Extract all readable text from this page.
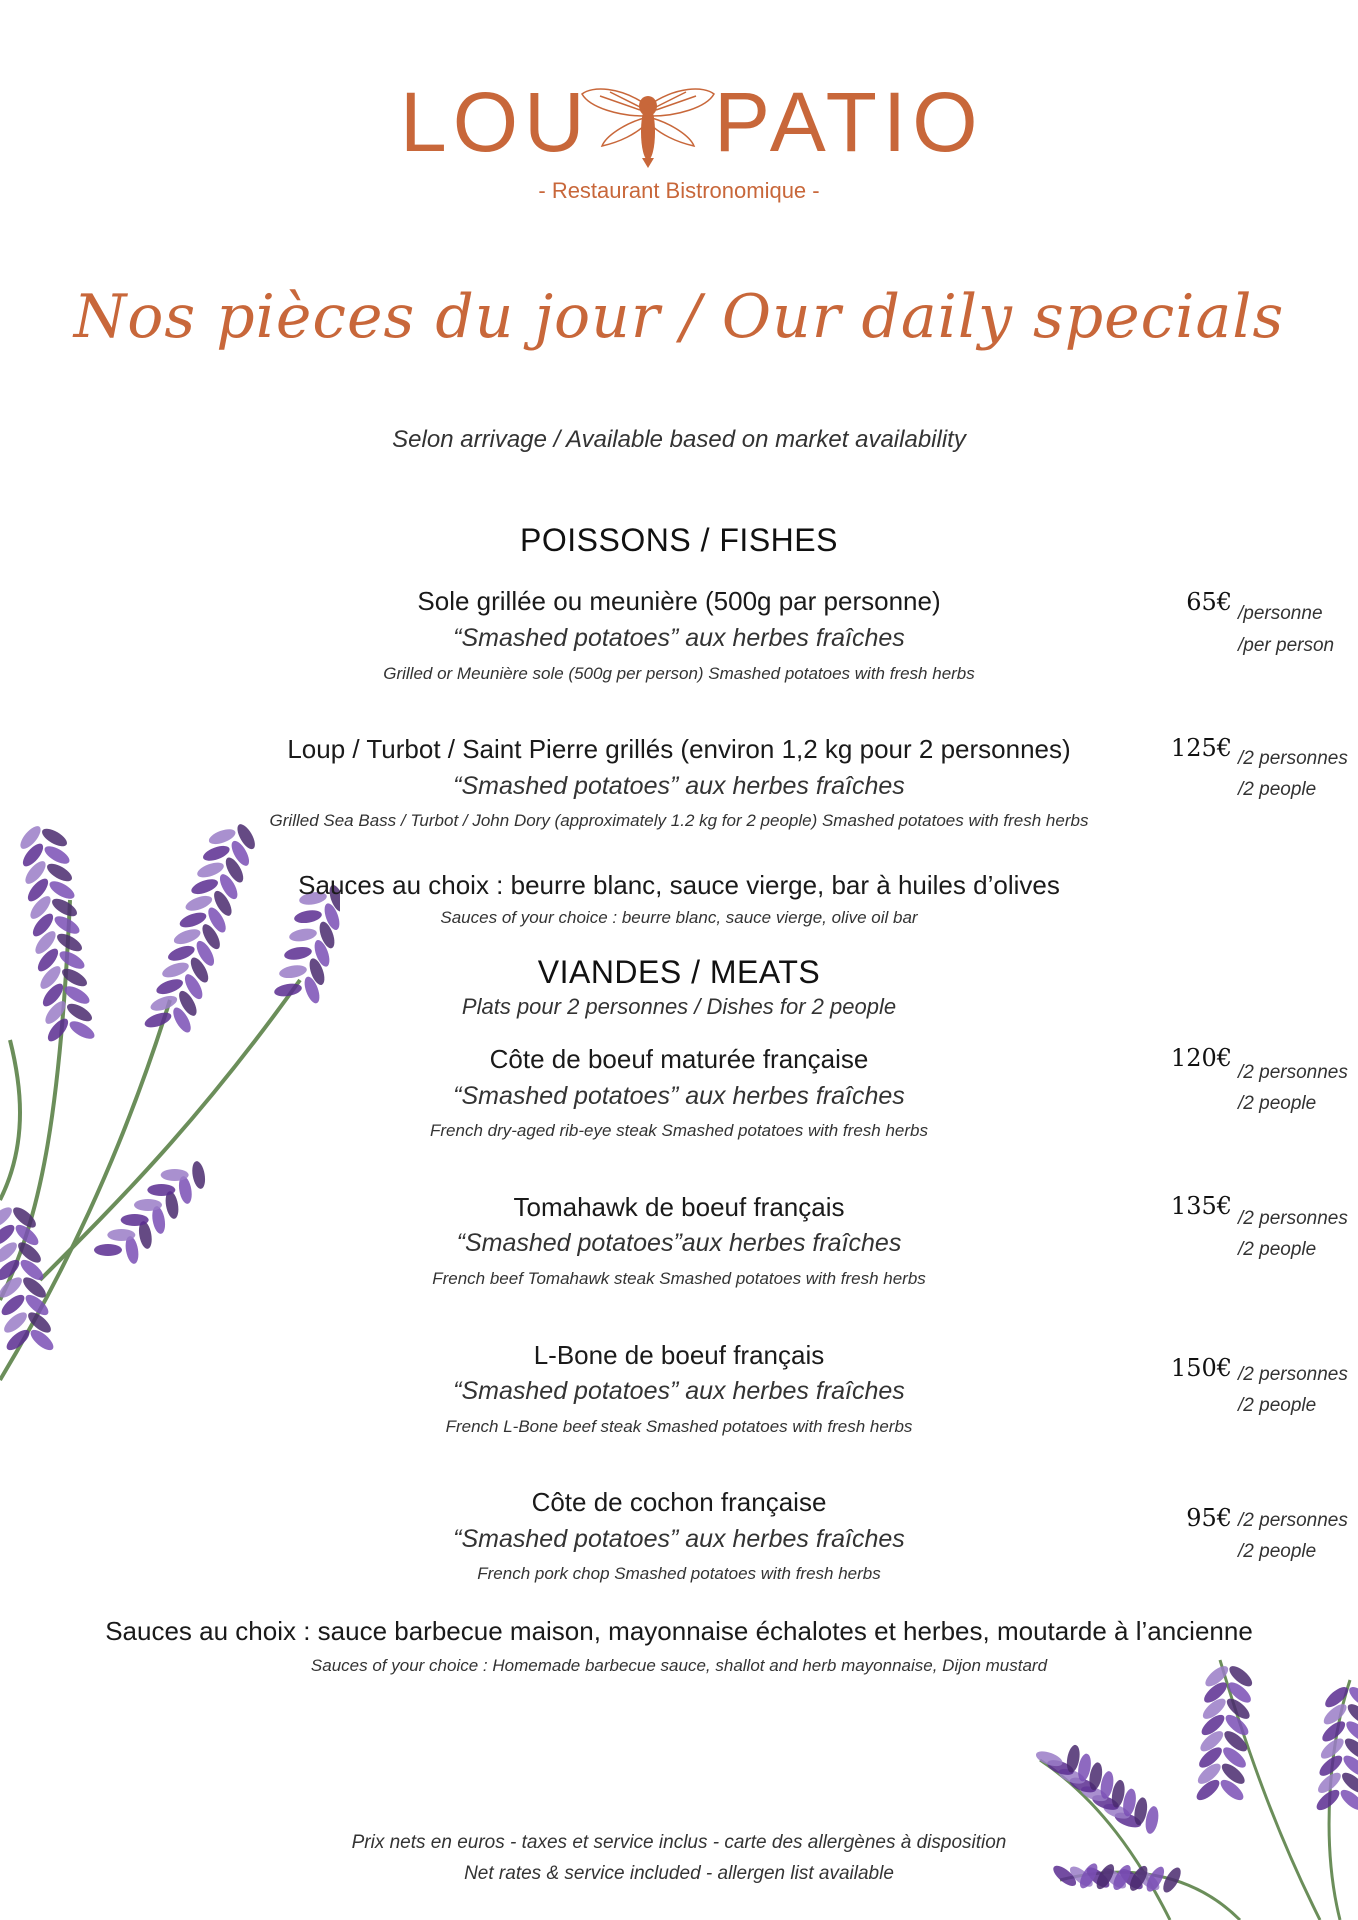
LOU PATIO
- Restaurant Bistronomique -
Nos pièces du jour / Our daily specials
Selon arrivage / Available based on market availability
POISSONS / FISHES
Sole grillée ou meunière (500g par personne)
“Smashed potatoes” aux herbes fraîches
Grilled or Meunière sole (500g per person) Smashed potatoes with fresh herbs
65€ /personne
/per person
Loup / Turbot / Saint Pierre grillés (environ 1,2 kg pour 2 personnes)
“Smashed potatoes” aux herbes fraîches
Grilled Sea Bass / Turbot / John Dory (approximately 1.2 kg for 2 people) Smashed potatoes with fresh herbs
125€ /2 personnes
/2 people
Sauces au choix : beurre blanc, sauce vierge, bar à huiles d’olives
Sauces of your choice : beurre blanc, sauce vierge, olive oil bar
VIANDES / MEATS
Plats pour 2 personnes / Dishes for 2 people
Côte de boeuf maturée française
“Smashed potatoes” aux herbes fraîches
French dry-aged rib-eye steak Smashed potatoes with fresh herbs
120€
/2 personnes
/2 people
Tomahawk de boeuf français
“Smashed potatoes”aux herbes fraîches
French beef Tomahawk steak Smashed potatoes with fresh herbs
135€ /2 personnes
/2 people
L-Bone de boeuf français
“Smashed potatoes” aux herbes fraîches
French L-Bone beef steak Smashed potatoes with fresh herbs
150€ /2 personnes
/2 people
Côte de cochon française
“Smashed potatoes” aux herbes fraîches
French pork chop Smashed potatoes with fresh herbs
95€ /2 personnes
/2 people
Sauces au choix : sauce barbecue maison, mayonnaise échalotes et herbes, moutarde à l’ancienne
Sauces of your choice : Homemade barbecue sauce, shallot and herb mayonnaise, Dijon mustard
Prix nets en euros - taxes et service inclus - carte des allergènes à disposition
Net rates & service included - allergen list available
